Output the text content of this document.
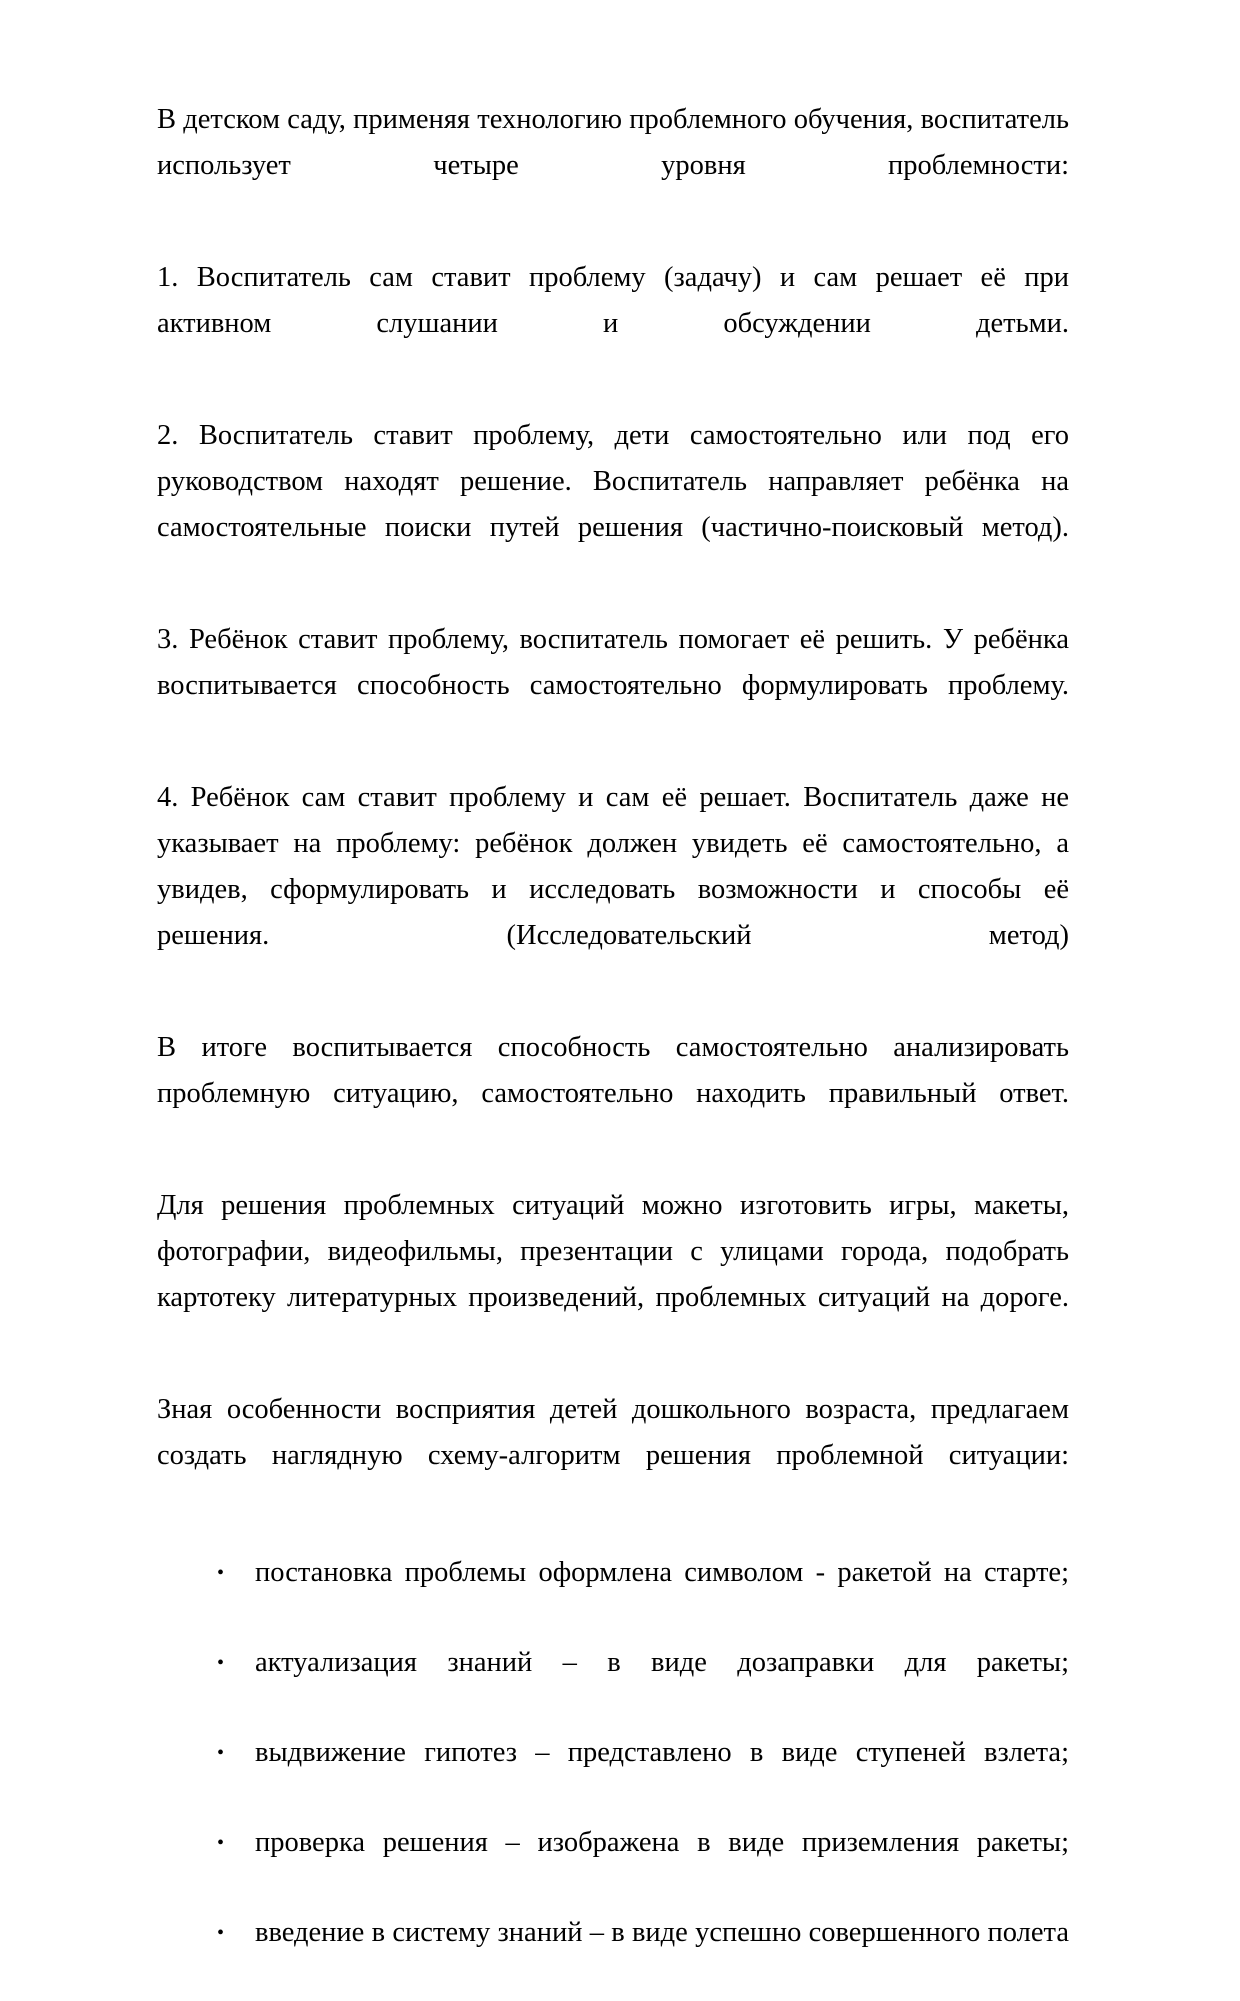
В детском саду, применяя технологию проблемного обучения, воспитатель использует четыре уровня проблемности:

1. Воспитатель сам ставит проблему (задачу) и сам решает её при активном слушании и обсуждении детьми.

2. Воспитатель ставит проблему, дети самостоятельно или под его руководством находят решение. Воспитатель направляет ребёнка на самостоятельные поиски путей решения (частично-поисковый метод).

3. Ребёнок ставит проблему, воспитатель помогает её решить. У ребёнка воспитывается способность самостоятельно формулировать проблему.

4. Ребёнок сам ставит проблему и сам её решает. Воспитатель даже не указывает на проблему: ребёнок должен увидеть её самостоятельно, а увидев, сформулировать и исследовать возможности и способы её решения. (Исследовательский метод)

В итоге воспитывается способность самостоятельно анализировать проблемную ситуацию, самостоятельно находить правильный ответ.

Для решения проблемных ситуаций можно изготовить игры, макеты, фотографии, видеофильмы, презентации с улицами города, подобрать картотеку литературных произведений, проблемных ситуаций на дороге.

Зная особенности восприятия детей дошкольного возраста, предлагаем создать наглядную схему-алгоритм решения проблемной ситуации:

• постановка проблемы оформлена символом - ракетой на старте;
• актуализация знаний – в виде дозаправки для ракеты;
• выдвижение гипотез – представлено в виде ступеней взлета;
• проверка решения – изображена в виде приземления ракеты;
• введение в систему знаний – в виде успешно совершенного полета
